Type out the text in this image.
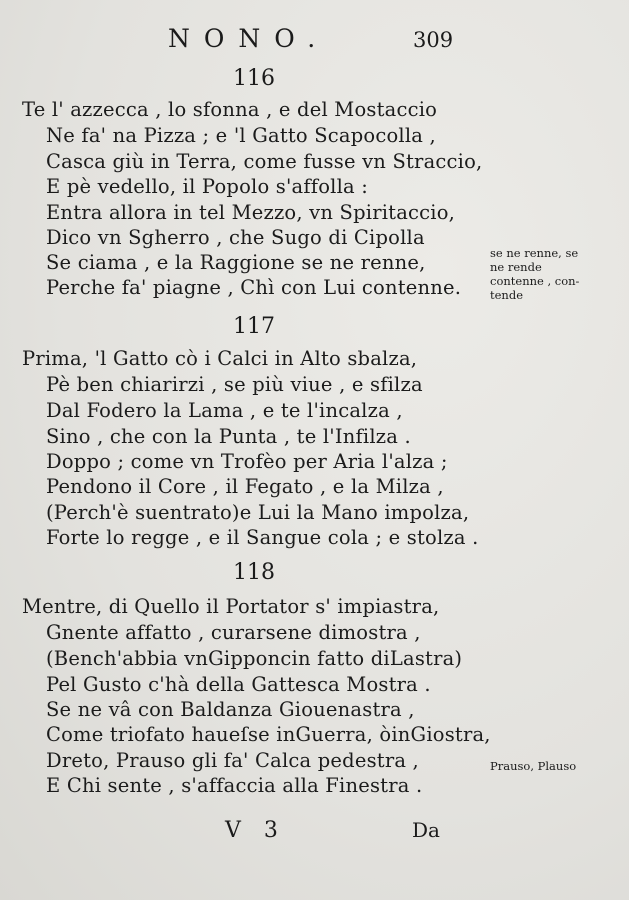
NONO.	309
116
Te l' azzecca , lo sfonna , e del Mostaccio
Ne fa' na Pizza ; e 'l Gatto Scapocolla ,
Casca giù in Terra, come fusse vn Straccio,
E pè vedello, il Popolo s'affolla :
Entra allora in tel Mezzo, vn Spiritaccio,
Dico vn Sgherro , che Sugo di Cipolla
Se ciama , e la Raggione se ne renne,
Perche fa' piagne , Chì con Lui contenne.
117
Prima, 'l Gatto cò i Calci in Alto sbalza,
Pè ben chiarirzi , se più viue , e sfilza
Dal Fodero la Lama , e te l'incalza ,
Sino , che con la Punta , te l'Infilza .
Doppo ; come vn Trofèo per Aria l'alza ;
Pendono il Core , il Fegato , e la Milza ,
(Perch'è suentrato)e Lui la Mano impolza,
Forte lo regge , e il Sangue cola ; e stolza .
118
Mentre, di Quello il Portator s' impiastra,
Gnente affatto , curarsene dimostra ,
(Bench'abbia vnGipponcin fatto diLastra)
Pel Gusto c'hà della Gattesca Mostra .
Se ne vâ con Baldanza Giouenastra ,
Come triofato haueſse inGuerra, òinGiostra,
Dreto, Prauso gli fa' Calca pedestra ,
E Chi sente , s'affaccia alla Finestra .
se ne renne, se
ne rende
contenne , con-
tende
Prauso, Plauso
V 3	Da
